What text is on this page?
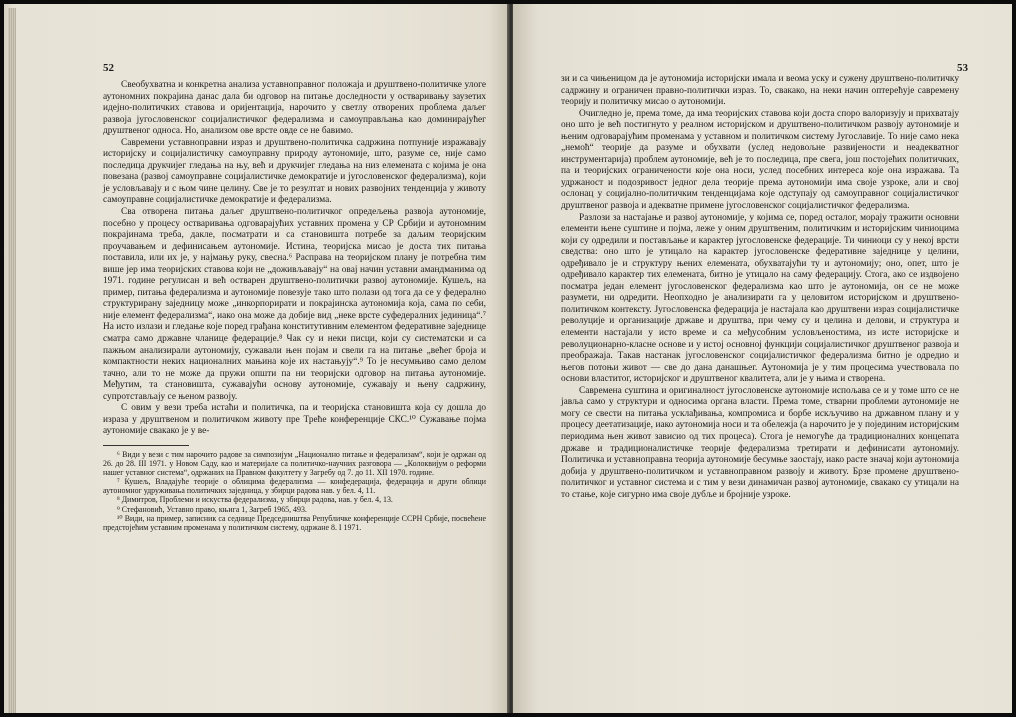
52

Свеобухватна и конкретна анализа уставноправног положаја и друштвено-политичке улоге аутономних покрајина данас дала би одговор на питање доследности у остваривању заузетих идејно-политичких ставова и оријентација, нарочито у светлу отворених проблема даљег развоја југословенског социјалистичког федерализма и самоуправљања као доминирајућег друштвеног односа. Но, анализом ове врсте овде се не бавимо.

Савремени уставноправни израз и друштвено-политичка садржина потпуније изражавају историјску и социјалистичку самоуправну природу аутономије, што, разуме се, није само последица друкчијег гледања на њу, већ и друкчијег гледања на низ елемената с којима је она повезана (развој самоуправне социјалистичке демократије и југословенског федерализма), који је условљавају и с њом чине целину. Све је то резултат и нових развојних тенденција у животу самоуправне социјалистичке демократије и федерализма.

Сва отворена питања даљег друштвено-политичког опредељења развоја аутономије, посебно у процесу остваривања одговарајућих уставних промена у СР Србији и аутономним покрајинама треба, дакле, посматрати и са становишта потребе за даљим теоријским проучавањем и дефинисањем аутономије. Истина, теоријска мисао је доста тих питања поставила, или их је, у најмању руку, свесна.⁶ Расправа на теоријском плану је потребна тим више јер има теоријских ставова који не „доживљавају“ на овај начин уставни амандманима од 1971. године регулисан и већ остварен друштвено-политички развој аутономије. Кушељ, на пример, питања федерализма и аутономије повезује тако што полази од тога да се у федерално структурирану заједницу може „инкорпорирати и покрајинска аутономија која, сама по себи, није елемент федерализма“, иако она може да добије вид „неке врсте суфедералних јединица“.⁷ На исто излази и гледање које поред грађана конститутивним елементом федеративне заједнице сматра само државне чланице федерације.⁸ Чак су и неки писци, који су систематски и са пажњом анализирали аутономију, сужавали њен појам и свели га на питање „већег броја и компактности неких националних мањина које их настањују“.⁹ То је несумњиво само делом тачно, али то не може да пружи општи па ни теоријски одговор на питања аутономије. Међутим, та становишта, сужавајући основу аутономије, сужавају и њену садржину, супротстављају се њеном развоју.

С овим у вези треба истаћи и политичка, па и теоријска становишта која су дошла до израза у друштвеном и политичком животу пре Треће конференције СКС.¹⁰ Сужавање појма аутономије свакако је у ве-

⁶ Види у вези с тим нарочито радове за симпозијум „Национално питање и федерализам“, који је одржан од 26. до 28. III 1971. у Новом Саду, као и материјале са политичко-научних разговора — „Колоквијум о реформи нашег уставног система“, одржаних на Правном факултету у Загребу од 7. до 11. XII 1970. године.

⁷ Кушељ, Владајуће теорије о облицима федерализма — конфедерација, федерација и други облици аутономног удруживања политичких заједница, у збирци радова нав. у бел. 4, 11.

⁸ Димитров, Проблеми и искуства федерализма, у збирци радова, нав. у бел. 4, 13.

⁹ Стефановић, Уставно право, књига 1, Загреб 1965, 493.

¹⁰ Види, на пример, записник са седнице Председништва Републичке конференције ССРН Србије, посвећене предстојећим уставним променама у политичком систему, одржане 8. I 1971.

53

зи и са чињеницом да је аутономија историјски имала и веома уску и сужену друштвено-политичку садржину и ограничен правно-политички израз. То, свакако, на неки начин оптерећује савремену теорију и политичку мисао о аутономији.

Очигледно је, према томе, да има теоријских ставова који доста споро валоризују и прихватају оно што је већ постигнуто у реалном историјском и друштвено-политичком развоју аутономије и њеним одговарајућим променама у уставном и политичком систему Југославије. То није само нека „немоћ“ теорије да разуме и обухвати (услед недовољне развијености и неадекватног инструментарија) проблем аутономије, већ је то последица, пре свега, још постојећих политичких, па и теоријских ограничености које она носи, услед посебних интереса које она изражава. Та удржаност и подозривост једног дела теорије према аутономији има своје узроке, али и свој ослонац у социјално-политичким тенденцијама које одступају од самоуправног социјалистичког друштвеног развоја и адекватне примене југословенског социјалистичког федерализма.

Разлози за настајање и развој аутономије, у којима се, поред осталог, морају тражити основни елементи њене суштине и појма, леже у оним друштвеним, политичким и историјским чиниоцима који су одредили и постављање и карактер југословенске федерације. Ти чиниоци су у некој врсти сведства: оно што је утицало на карактер југословенске федеративне заједнице у целини, одређивало је и структуру њених елемената, обухватајући ту и аутономију; оно, опет, што је одређивало карактер тих елемената, битно је утицало на саму федерацију. Стога, ако се издвојено посматра један елемент југословенског федерализма као што је аутономија, он се не може разумети, ни одредити. Неопходно је анализирати га у целовитом историјском и друштвено-политичком контексту. Југословенска федерација је настајала као друштвени израз социјалистичке револуције и организације државе и друштва, при чему су и целина и делови, и структура и елементи настајали у исто време и са међусобним условљеностима, из исте историјске и револуционарно-класне основе и у истој основној функцији социјалистичког друштвеног развоја и преображаја. Такав настанак југословенског социјалистичког федерализма битно је одредио и његов потоњи живот — све до дана данашњег. Аутономија је у тим процесима учествовала по основи властитог, историјског и друштвеног квалитета, али је у њима и створена.

Савремена суштина и оригиналност југословенске аутономије испољава се и у томе што се не јавља само у структури и односима органа власти. Према томе, стварни проблеми аутономије не могу се свести на питања усклађивања, компромиса и борбе искључиво на државном плану и у процесу деетатизације, иако аутономија носи и та обележја (а нарочито је у појединим историјским периодима њен живот зависио од тих процеса). Стога је немогуће да традиционалних концепата државе и традиционалистичке теорије федерализма третирати и дефинисати аутономију. Политичка и уставноправна теорија аутономије бесумње заостају, иако расте значај који аутономија добија у друштвено-политичком и уставноправном развоју и животу. Брзе промене друштвено-политичког и уставног система и с тим у вези динамичан развој аутономије, свакако су утицали на то стање, које сигурно има своје дубље и бројније узроке.
